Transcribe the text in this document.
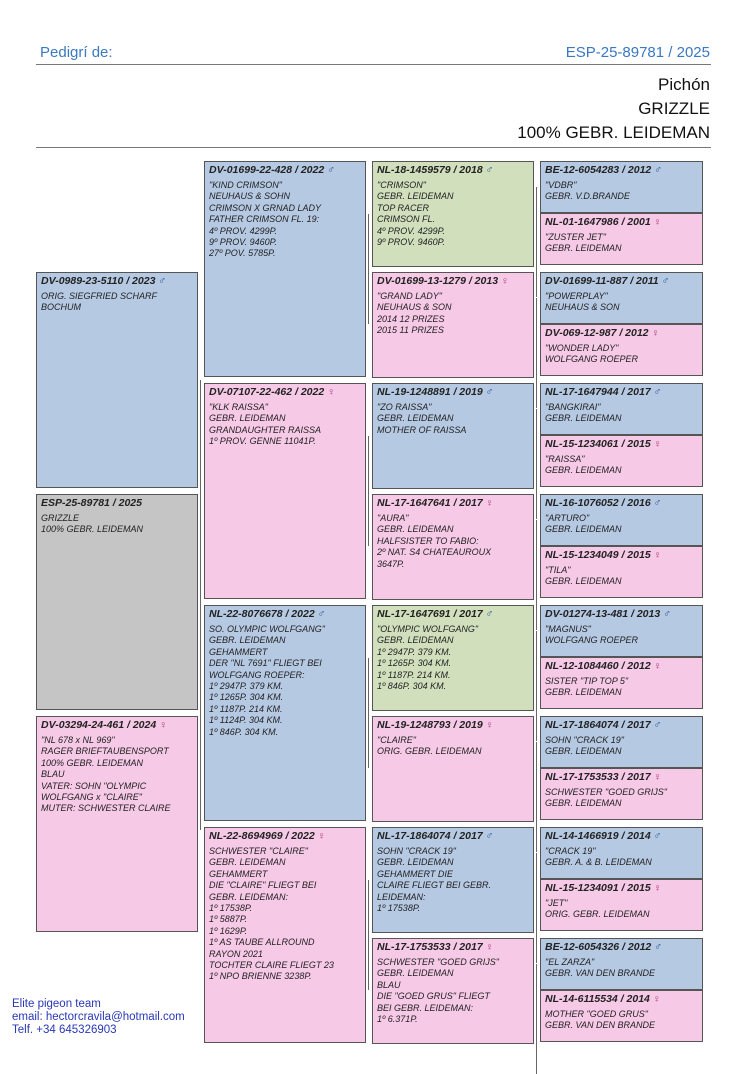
Pedigrí de:	ESP-25-89781 / 2025
Pichón
GRIZZLE
100% GEBR. LEIDEMAN
ESP-25-89781 / 2025
GRIZZLE
100% GEBR. LEIDEMAN
DV-0989-23-5110 / 2023 ♂
ORIG. SIEGFRIED SCHARF
BOCHUM
DV-03294-24-461 / 2024 ♀
"NL 678 x NL 969"
RAGER BRIEFTAUBENSPORT
100% GEBR. LEIDEMAN
BLAU
VATER: SOHN "OLYMPIC
WOLFGANG x "CLAIRE"
MUTER: SCHWESTER CLAIRE
DV-01699-22-428 / 2022 ♂
"KIND CRIMSON"
NEUHAUS & SOHN
CRIMSON X GRNAD LADY
FATHER CRIMSON FL. 19:
4º PROV. 4299P.
9º PROV. 9460P.
27º POV. 5785P.
DV-07107-22-462 / 2022 ♀
"KLK RAISSA"
GEBR. LEIDEMAN
GRANDAUGHTER RAISSA
1º PROV. GENNE 11041P.
NL-22-8076678 / 2022 ♂
SO. OLYMPIC WOLFGANG"
GEBR. LEIDEMAN
GEHAMMERT
DER "NL 7691" FLIEGT BEI
WOLFGANG ROEPER:
1º 2947P. 379 KM.
1º 1265P. 304 KM.
1º 1187P. 214 KM.
1º 1124P. 304 KM.
1º 846P. 304 KM.
NL-22-8694969 / 2022 ♀
SCHWESTER "CLAIRE"
GEBR. LEIDEMAN
GEHAMMERT
DIE "CLAIRE" FLIEGT BEI
GEBR. LEIDEMAN:
1º 17538P.
1º 5887P.
1º 1629P.
1º AS TAUBE ALLROUND
RAYON 2021
TOCHTER CLAIRE FLIEGT 23
1º NPO BRIENNE 3238P.
NL-18-1459579 / 2018 ♂
"CRIMSON"
GEBR. LEIDEMAN
TOP RACER
CRIMSON FL.
4º PROV. 4299P.
9º PROV. 9460P.
DV-01699-13-1279 / 2013 ♀
"GRAND LADY"
NEUHAUS & SON
2014 12 PRIZES
2015 11 PRIZES
NL-19-1248891 / 2019 ♂
"ZO RAISSA"
GEBR. LEIDEMAN
MOTHER OF RAISSA
NL-17-1647641 / 2017 ♀
"AURA"
GEBR. LEIDEMAN
HALFSISTER TO FABIO:
2º NAT. S4 CHATEAUROUX
3647P.
NL-17-1647691 / 2017 ♂
"OLYMPIC WOLFGANG"
GEBR. LEIDEMAN
1º 2947P. 379 KM.
1º 1265P. 304 KM.
1º 1187P. 214 KM.
1º 846P. 304 KM.
NL-19-1248793 / 2019 ♀
"CLAIRE"
ORIG. GEBR. LEIDEMAN
NL-17-1864074 / 2017 ♂
SOHN "CRACK 19"
GEBR. LEIDEMAN
GEHAMMERT DIE
CLAIRE FLIEGT BEI GEBR.
LEIDEMAN:
1º 17538P.
NL-17-1753533 / 2017 ♀
SCHWESTER "GOED GRIJS"
GEBR. LEIDEMAN
BLAU
DIE "GOED GRUS" FLIEGT
BEI GEBR. LEIDEMAN:
1º 6.371P.
BE-12-6054283 / 2012 ♂
"VDBR"
GEBR. V.D.BRANDE
NL-01-1647986 / 2001 ♀
"ZUSTER JET"
GEBR. LEIDEMAN
DV-01699-11-887 / 2011 ♂
"POWERPLAY"
NEUHAUS & SON
DV-069-12-987 / 2012 ♀
"WONDER LADY"
WOLFGANG ROEPER
NL-17-1647944 / 2017 ♂
"BANGKIRAI"
GEBR. LEIDEMAN
NL-15-1234061 / 2015 ♀
"RAISSA"
GEBR. LEIDEMAN
NL-16-1076052 / 2016 ♂
"ARTURO"
GEBR. LEIDEMAN
NL-15-1234049 / 2015 ♀
"TILA"
GEBR. LEIDEMAN
DV-01274-13-481 / 2013 ♂
"MAGNUS"
WOLFGANG ROEPER
NL-12-1084460 / 2012 ♀
SISTER "TIP TOP 5"
GEBR. LEIDEMAN
NL-17-1864074 / 2017 ♂
SOHN "CRACK 19"
GEBR. LEIDEMAN
NL-17-1753533 / 2017 ♀
SCHWESTER "GOED GRIJS"
GEBR. LEIDEMAN
NL-14-1466919 / 2014 ♂
"CRACK 19"
GEBR. A. & B. LEIDEMAN
NL-15-1234091 / 2015 ♀
"JET"
ORIG. GEBR. LEIDEMAN
BE-12-6054326 / 2012 ♂
"EL ZARZA"
GEBR. VAN DEN BRANDE
NL-14-6115534 / 2014 ♀
MOTHER "GOED GRUS"
GEBR. VAN DEN BRANDE
Elite pigeon team
email: hectorcravila@hotmail.com
Telf. +34 645326903
